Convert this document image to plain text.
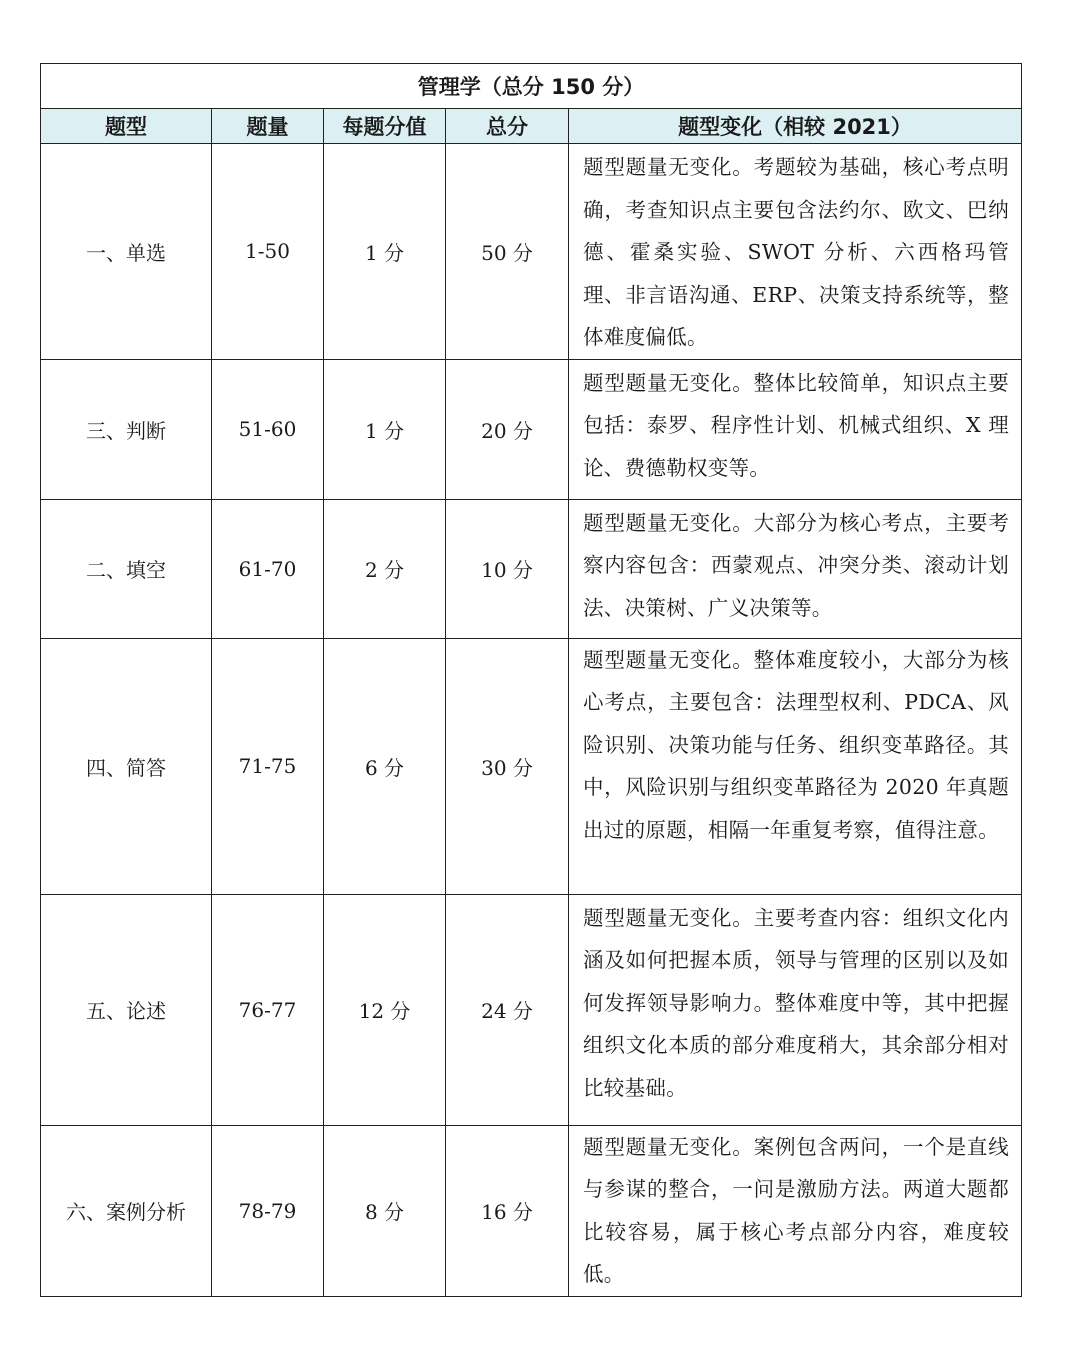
管理学（总分 150 分）				
题型	题量	每题分值	总分	题型变化（相较 2021）
一、单选	1-50	1 分	50 分	题型题量无变化。考题较为基础，核心考点明确，考查知识点主要包含法约尔、欧文、巴纳德、霍桑实验、SWOT 分析、六西格玛管理、非言语沟通、ERP、决策支持系统等，整体难度偏低。
三、判断	51-60	1 分	20 分	题型题量无变化。整体比较简单，知识点主要包括：泰罗、程序性计划、机械式组织、X 理论、费德勒权变等。
二、填空	61-70	2 分	10 分	题型题量无变化。大部分为核心考点，主要考察内容包含：西蒙观点、冲突分类、滚动计划法、决策树、广义决策等。
四、简答	71-75	6 分	30 分	题型题量无变化。整体难度较小，大部分为核心考点，主要包含：法理型权利、PDCA、风险识别、决策功能与任务、组织变革路径。其中，风险识别与组织变革路径为 2020 年真题出过的原题，相隔一年重复考察，值得注意。
五、论述	76-77	12 分	24 分	题型题量无变化。主要考查内容：组织文化内涵及如何把握本质，领导与管理的区别以及如何发挥领导影响力。整体难度中等，其中把握组织文化本质的部分难度稍大，其余部分相对比较基础。
六、案例分析	78-79	8 分	16 分	题型题量无变化。案例包含两问，一个是直线与参谋的整合，一问是激励方法。两道大题都比较容易，属于核心考点部分内容，难度较低。
